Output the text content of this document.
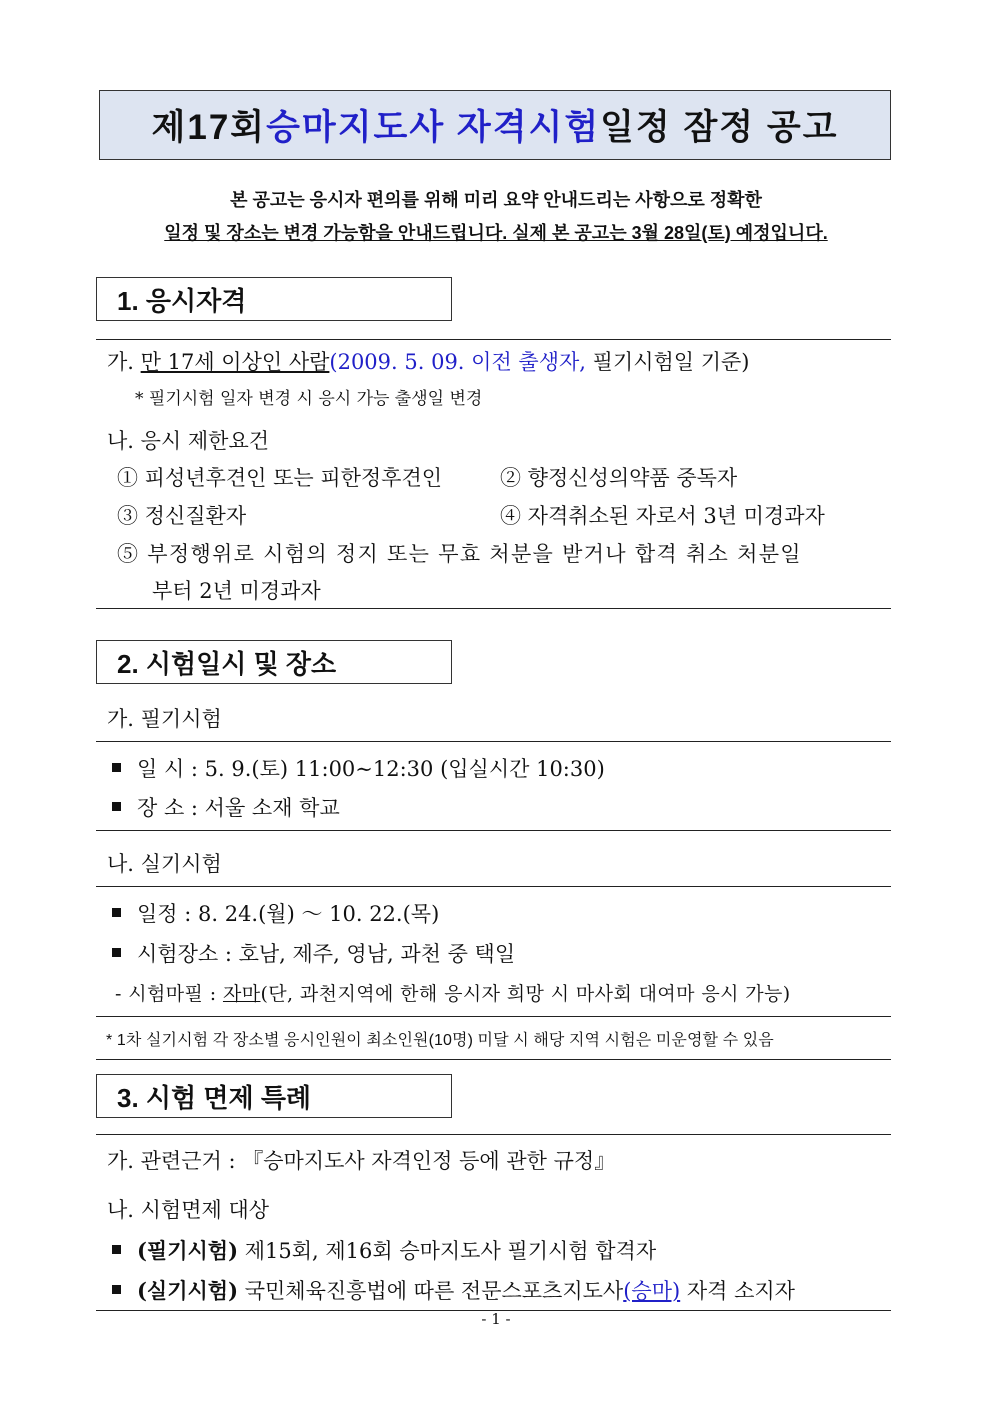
제17회 승마지도사 자격시험 일정 잠정 공고
본 공고는 응시자 편의를 위해 미리 요약 안내드리는 사항으로 정확한
일정 및 장소는 변경 가능함을 안내드립니다. 실제 본 공고는 3월 28일(토) 예정입니다.
1. 응시자격
가. 만 17세 이상인 사람(2009. 5. 09. 이전 출생자, 필기시험일 기준)
* 필기시험 일자 변경 시 응시 가능 출생일 변경
나. 응시 제한요건
① 피성년후견인 또는 피한정후견인	② 향정신성의약품 중독자
③ 정신질환자	④ 자격취소된 자로서 3년 미경과자
⑤ 부정행위로 시험의 정지 또는 무효 처분을 받거나 합격 취소 처분일
부터 2년 미경과자
2. 시험일시 및 장소
가. 필기시험
일 시 : 5. 9.(토) 11:00∼12:30 (입실시간 10:30)
장 소 : 서울 소재 학교
나. 실기시험
일정 : 8. 24.(월) ～ 10. 22.(목)
시험장소 : 호남, 제주, 영남, 과천 중 택일
- 시험마필 : 자마(단, 과천지역에 한해 응시자 희망 시 마사회 대여마 응시 가능)
* 1차 실기시험 각 장소별 응시인원이 최소인원(10명) 미달 시 해당 지역 시험은 미운영할 수 있음
3. 시험 면제 특례
가. 관련근거 : 『승마지도사 자격인정 등에 관한 규정』
나. 시험면제 대상
(필기시험) 제15회, 제16회 승마지도사 필기시험 합격자
(실기시험) 국민체육진흥법에 따른 전문스포츠지도사(승마) 자격 소지자
- 1 -
